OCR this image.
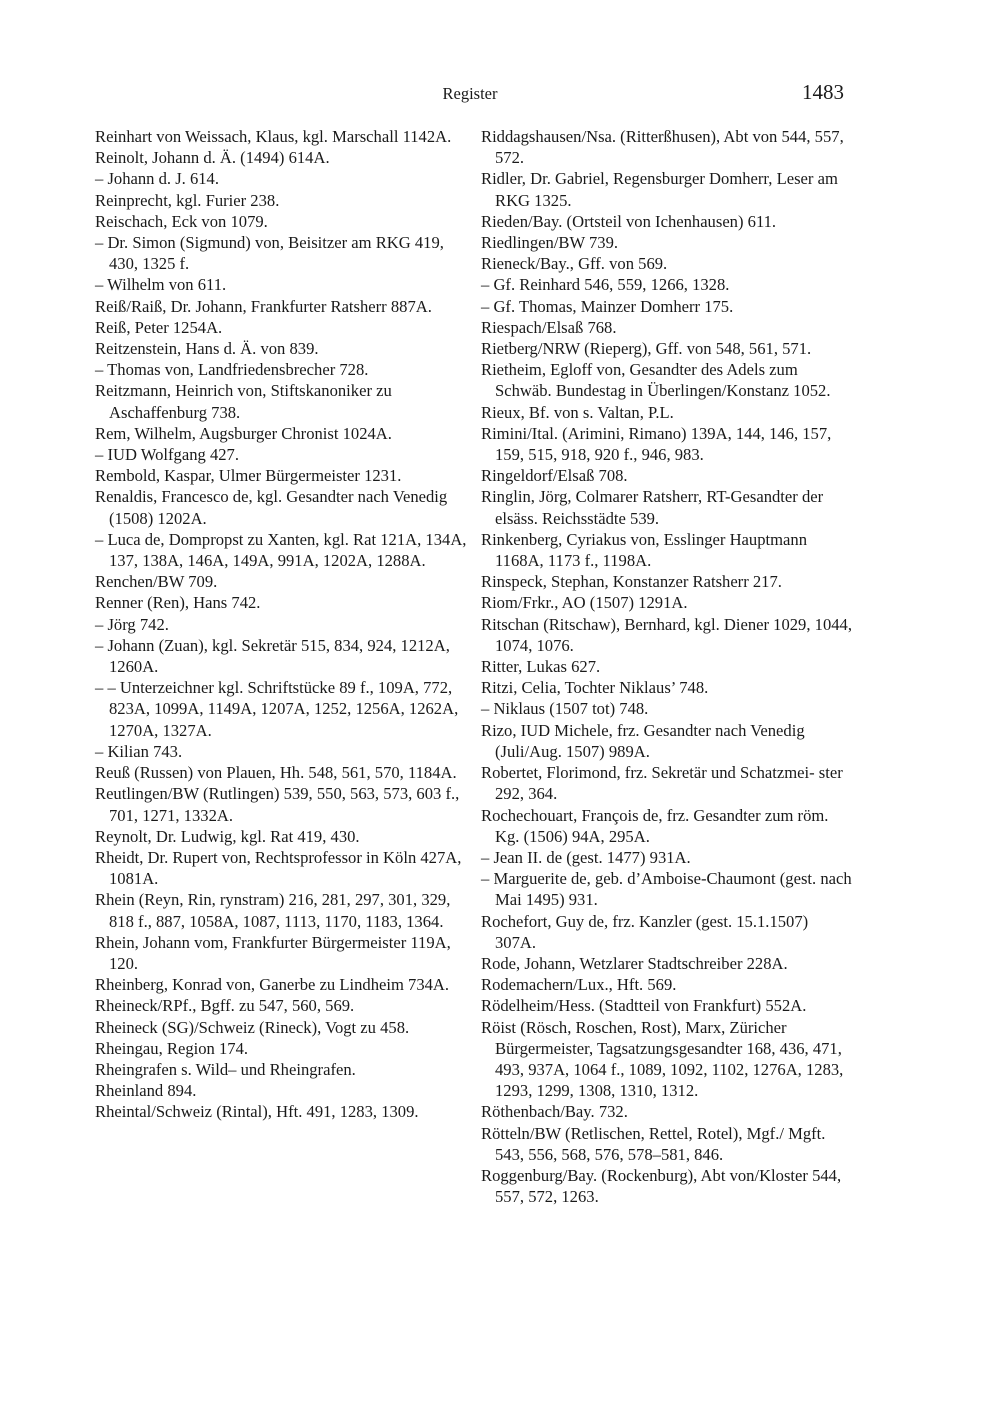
Register	1483
Reinhart von Weissach, Klaus, kgl. Marschall 1142A.
Reinolt, Johann d. Ä. (1494) 614A.
– Johann d. J. 614.
Reinprecht, kgl. Furier 238.
Reischach, Eck von 1079.
– Dr. Simon (Sigmund) von, Beisitzer am RKG 419, 430, 1325 f.
– Wilhelm von 611.
Reiß/Raiß, Dr. Johann, Frankfurter Ratsherr 887A.
Reiß, Peter 1254A.
Reitzenstein, Hans d. Ä. von 839.
– Thomas von, Landfriedensbrecher 728.
Reitzmann, Heinrich von, Stiftskanoniker zu Aschaffenburg 738.
Rem, Wilhelm, Augsburger Chronist 1024A.
– IUD Wolfgang 427.
Rembold, Kaspar, Ulmer Bürgermeister 1231.
Renaldis, Francesco de, kgl. Gesandter nach Venedig (1508) 1202A.
– Luca de, Dompropst zu Xanten, kgl. Rat 121A, 134A, 137, 138A, 146A, 149A, 991A, 1202A, 1288A.
Renchen/BW 709.
Renner (Ren), Hans 742.
– Jörg 742.
– Johann (Zuan), kgl. Sekretär 515, 834, 924, 1212A, 1260A.
– – Unterzeichner kgl. Schriftstücke 89 f., 109A, 772, 823A, 1099A, 1149A, 1207A, 1252, 1256A, 1262A, 1270A, 1327A.
– Kilian 743.
Reuß (Russen) von Plauen, Hh. 548, 561, 570, 1184A.
Reutlingen/BW (Rutlingen) 539, 550, 563, 573, 603 f., 701, 1271, 1332A.
Reynolt, Dr. Ludwig, kgl. Rat 419, 430.
Rheidt, Dr. Rupert von, Rechtsprofessor in Köln 427A, 1081A.
Rhein (Reyn, Rin, rynstram) 216, 281, 297, 301, 329, 818 f., 887, 1058A, 1087, 1113, 1170, 1183, 1364.
Rhein, Johann vom, Frankfurter Bürgermeister 119A, 120.
Rheinberg, Konrad von, Ganerbe zu Lindheim 734A.
Rheineck/RPf., Bgff. zu 547, 560, 569.
Rheineck (SG)/Schweiz (Rineck), Vogt zu 458.
Rheingau, Region 174.
Rheingrafen s. Wild– und Rheingrafen.
Rheinland 894.
Rheintal/Schweiz (Rintal), Hft. 491, 1283, 1309.
Riddagshausen/Nsa. (Ritterßhusen), Abt von 544, 557, 572.
Ridler, Dr. Gabriel, Regensburger Domherr, Leser am RKG 1325.
Rieden/Bay. (Ortsteil von Ichenhausen) 611.
Riedlingen/BW 739.
Rieneck/Bay., Gff. von 569.
– Gf. Reinhard 546, 559, 1266, 1328.
– Gf. Thomas, Mainzer Domherr 175.
Riespach/Elsaß 768.
Rietberg/NRW (Rieperg), Gff. von 548, 561, 571.
Rietheim, Egloff von, Gesandter des Adels zum Schwäb. Bundestag in Überlingen/Konstanz 1052.
Rieux, Bf. von s. Valtan, P.L.
Rimini/Ital. (Arimini, Rimano) 139A, 144, 146, 157, 159, 515, 918, 920 f., 946, 983.
Ringeldorf/Elsaß 708.
Ringlin, Jörg, Colmarer Ratsherr, RT-Gesandter der elsäss. Reichsstädte 539.
Rinkenberg, Cyriakus von, Esslinger Hauptmann 1168A, 1173 f., 1198A.
Rinspeck, Stephan, Konstanzer Ratsherr 217.
Riom/Frkr., AO (1507) 1291A.
Ritschan (Ritschaw), Bernhard, kgl. Diener 1029, 1044, 1074, 1076.
Ritter, Lukas 627.
Ritzi, Celia, Tochter Niklaus’ 748.
– Niklaus (1507 tot) 748.
Rizo, IUD Michele, frz. Gesandter nach Venedig (Juli/Aug. 1507) 989A.
Robertet, Florimond, frz. Sekretär und Schatzmei- ster 292, 364.
Rochechouart, François de, frz. Gesandter zum röm. Kg. (1506) 94A, 295A.
– Jean II. de (gest. 1477) 931A.
– Marguerite de, geb. d’Amboise-Chaumont (gest. nach Mai 1495) 931.
Rochefort, Guy de, frz. Kanzler (gest. 15.1.1507) 307A.
Rode, Johann, Wetzlarer Stadtschreiber 228A.
Rodemachern/Lux., Hft. 569.
Rödelheim/Hess. (Stadtteil von Frankfurt) 552A.
Röist (Rösch, Roschen, Rost), Marx, Züricher Bürgermeister, Tagsatzungsgesandter 168, 436, 471, 493, 937A, 1064 f., 1089, 1092, 1102, 1276A, 1283, 1293, 1299, 1308, 1310, 1312.
Röthenbach/Bay. 732.
Rötteln/BW (Retlischen, Rettel, Rotel), Mgf./ Mgft. 543, 556, 568, 576, 578–581, 846.
Roggenburg/Bay. (Rockenburg), Abt von/Kloster 544, 557, 572, 1263.
